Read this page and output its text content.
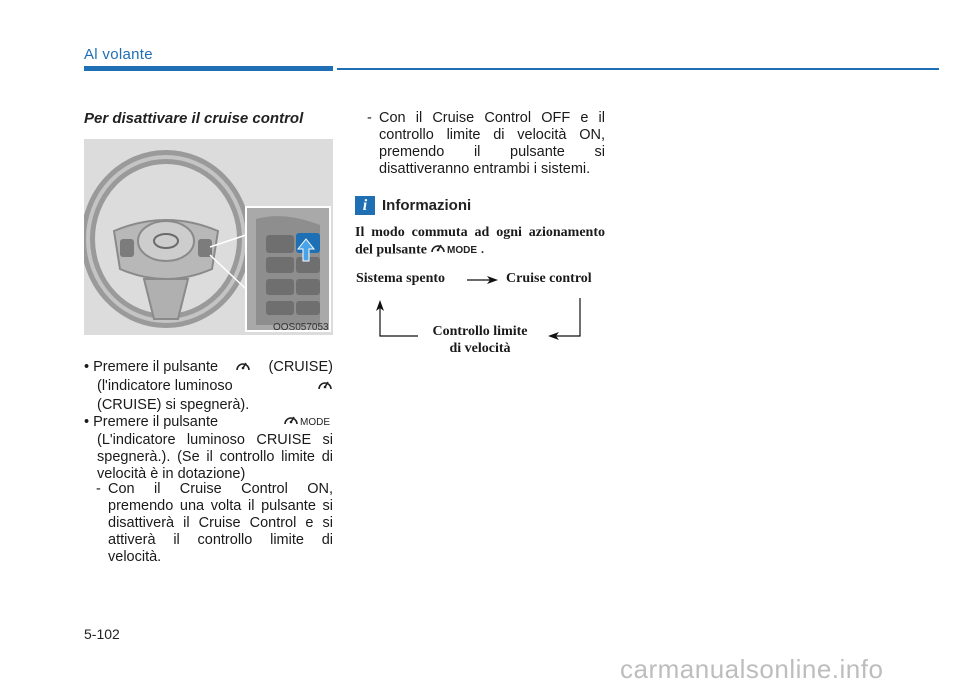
Al volante
Per disattivare il cruise control
OOS057053
• Premere il pulsante	(CRUISE)
(l'indicatore luminoso
(CRUISE) si spegnerà).
• Premere il pulsante	MODE
(L'indicatore luminoso CRUISE si spegnerà.). (Se il controllo limite di velocità è in dotazione)
- Con il Cruise Control ON, premendo una volta il pulsante si disattiverà il Cruise Control e si attiverà il controllo limite di velocità.
- Con il Cruise Control OFF e il controllo limite di velocità ON, premendo il pulsante si disattiveranno entrambi i sistemi.
i Informazioni
Il modo commuta ad ogni azionamento del pulsante MODE .
Sistema spento	Cruise control
Controllo limite
di velocità
5-102
carmanualsonline.info
